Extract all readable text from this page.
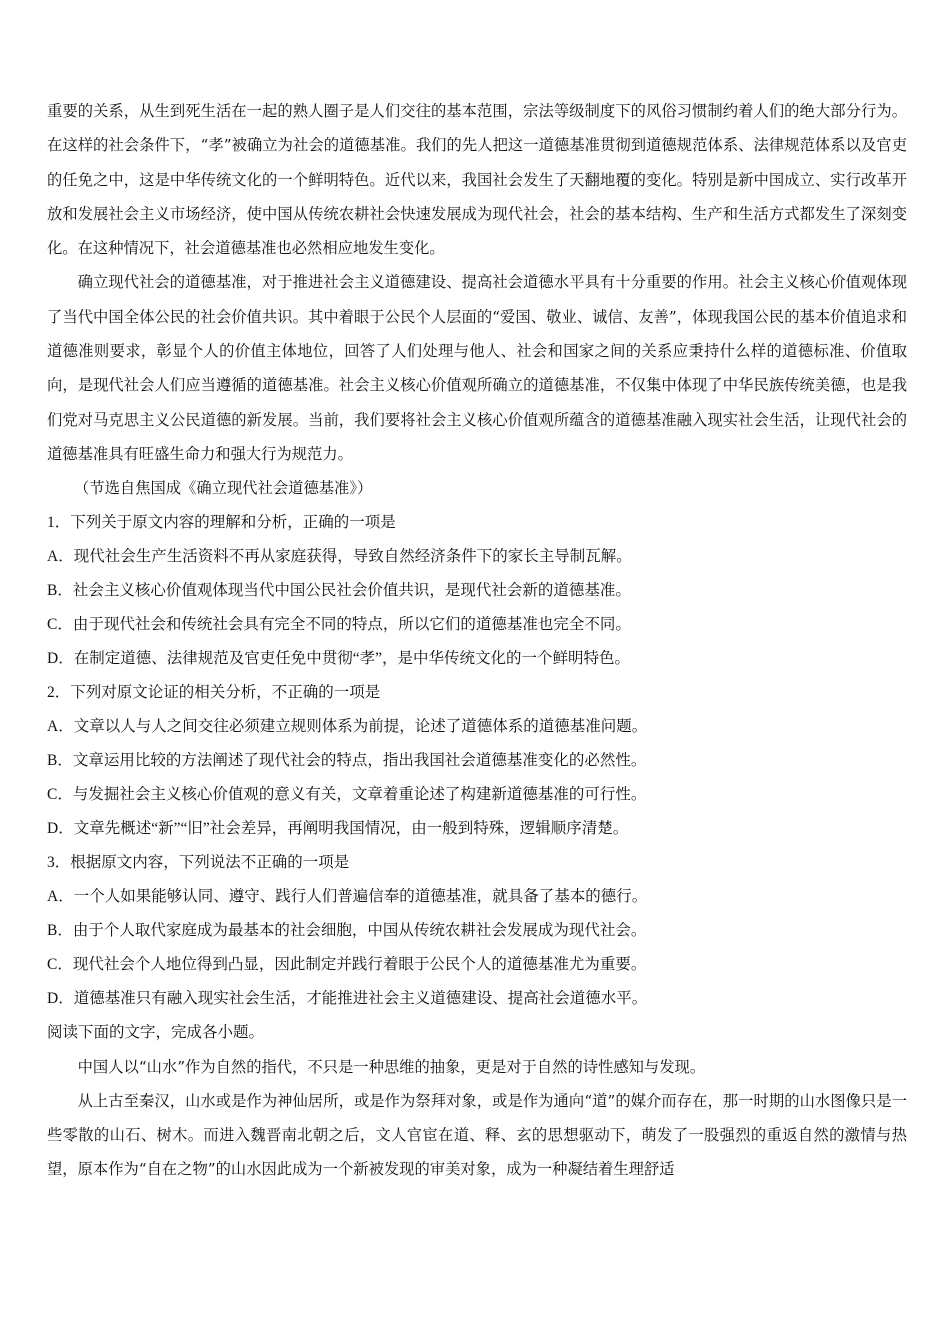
重要的关系，从生到死生活在一起的熟人圈子是人们交往的基本范围，宗法等级制度下的风俗习惯制约着人们的绝大部分行为。在这样的社会条件下，“孝”被确立为社会的道德基准。我们的先人把这一道德基准贯彻到道德规范体系、法律规范体系以及官吏的任免之中，这是中华传统文化的一个鲜明特色。近代以来，我国社会发生了天翻地覆的变化。特别是新中国成立、实行改革开放和发展社会主义市场经济，使中国从传统农耕社会快速发展成为现代社会，社会的基本结构、生产和生活方式都发生了深刻变化。在这种情况下，社会道德基准也必然相应地发生变化。

确立现代社会的道德基准，对于推进社会主义道德建设、提高社会道德水平具有十分重要的作用。社会主义核心价值观体现了当代中国全体公民的社会价值共识。其中着眼于公民个人层面的“爱国、敬业、诚信、友善”，体现我国公民的基本价值追求和道德准则要求，彰显个人的价值主体地位，回答了人们处理与他人、社会和国家之间的关系应秉持什么样的道德标准、价值取向，是现代社会人们应当遵循的道德基准。社会主义核心价值观所确立的道德基准，不仅集中体现了中华民族传统美德，也是我们党对马克思主义公民道德的新发展。当前，我们要将社会主义核心价值观所蕴含的道德基准融入现实社会生活，让现代社会的道德基准具有旺盛生命力和强大行为规范力。

（节选自焦国成《确立现代社会道德基准》）

1．下列关于原文内容的理解和分析，正确的一项是

A．现代社会生产生活资料不再从家庭获得，导致自然经济条件下的家长主导制瓦解。

B．社会主义核心价值观体现当代中国公民社会价值共识，是现代社会新的道德基准。

C．由于现代社会和传统社会具有完全不同的特点，所以它们的道德基准也完全不同。

D．在制定道德、法律规范及官吏任免中贯彻“孝”，是中华传统文化的一个鲜明特色。

2．下列对原文论证的相关分析，不正确的一项是

A．文章以人与人之间交往必须建立规则体系为前提，论述了道德体系的道德基准问题。

B．文章运用比较的方法阐述了现代社会的特点，指出我国社会道德基准变化的必然性。

C．与发掘社会主义核心价值观的意义有关，文章着重论述了构建新道德基准的可行性。

D．文章先概述“新”“旧”社会差异，再阐明我国情况，由一般到特殊，逻辑顺序清楚。

3．根据原文内容，下列说法不正确的一项是

A．一个人如果能够认同、遵守、践行人们普遍信奉的道德基准，就具备了基本的德行。

B．由于个人取代家庭成为最基本的社会细胞，中国从传统农耕社会发展成为现代社会。

C．现代社会个人地位得到凸显，因此制定并践行着眼于公民个人的道德基准尤为重要。

D．道德基准只有融入现实社会生活，才能推进社会主义道德建设、提高社会道德水平。

阅读下面的文字，完成各小题。

中国人以“山水”作为自然的指代，不只是一种思维的抽象，更是对于自然的诗性感知与发现。

从上古至秦汉，山水或是作为神仙居所，或是作为祭拜对象，或是作为通向“道”的媒介而存在，那一时期的山水图像只是一些零散的山石、树木。而进入魏晋南北朝之后，文人官宦在道、释、玄的思想驱动下，萌发了一股强烈的重返自然的激情与热望，原本作为“自在之物”的山水因此成为一个新被发现的审美对象，成为一种凝结着生理舒适
